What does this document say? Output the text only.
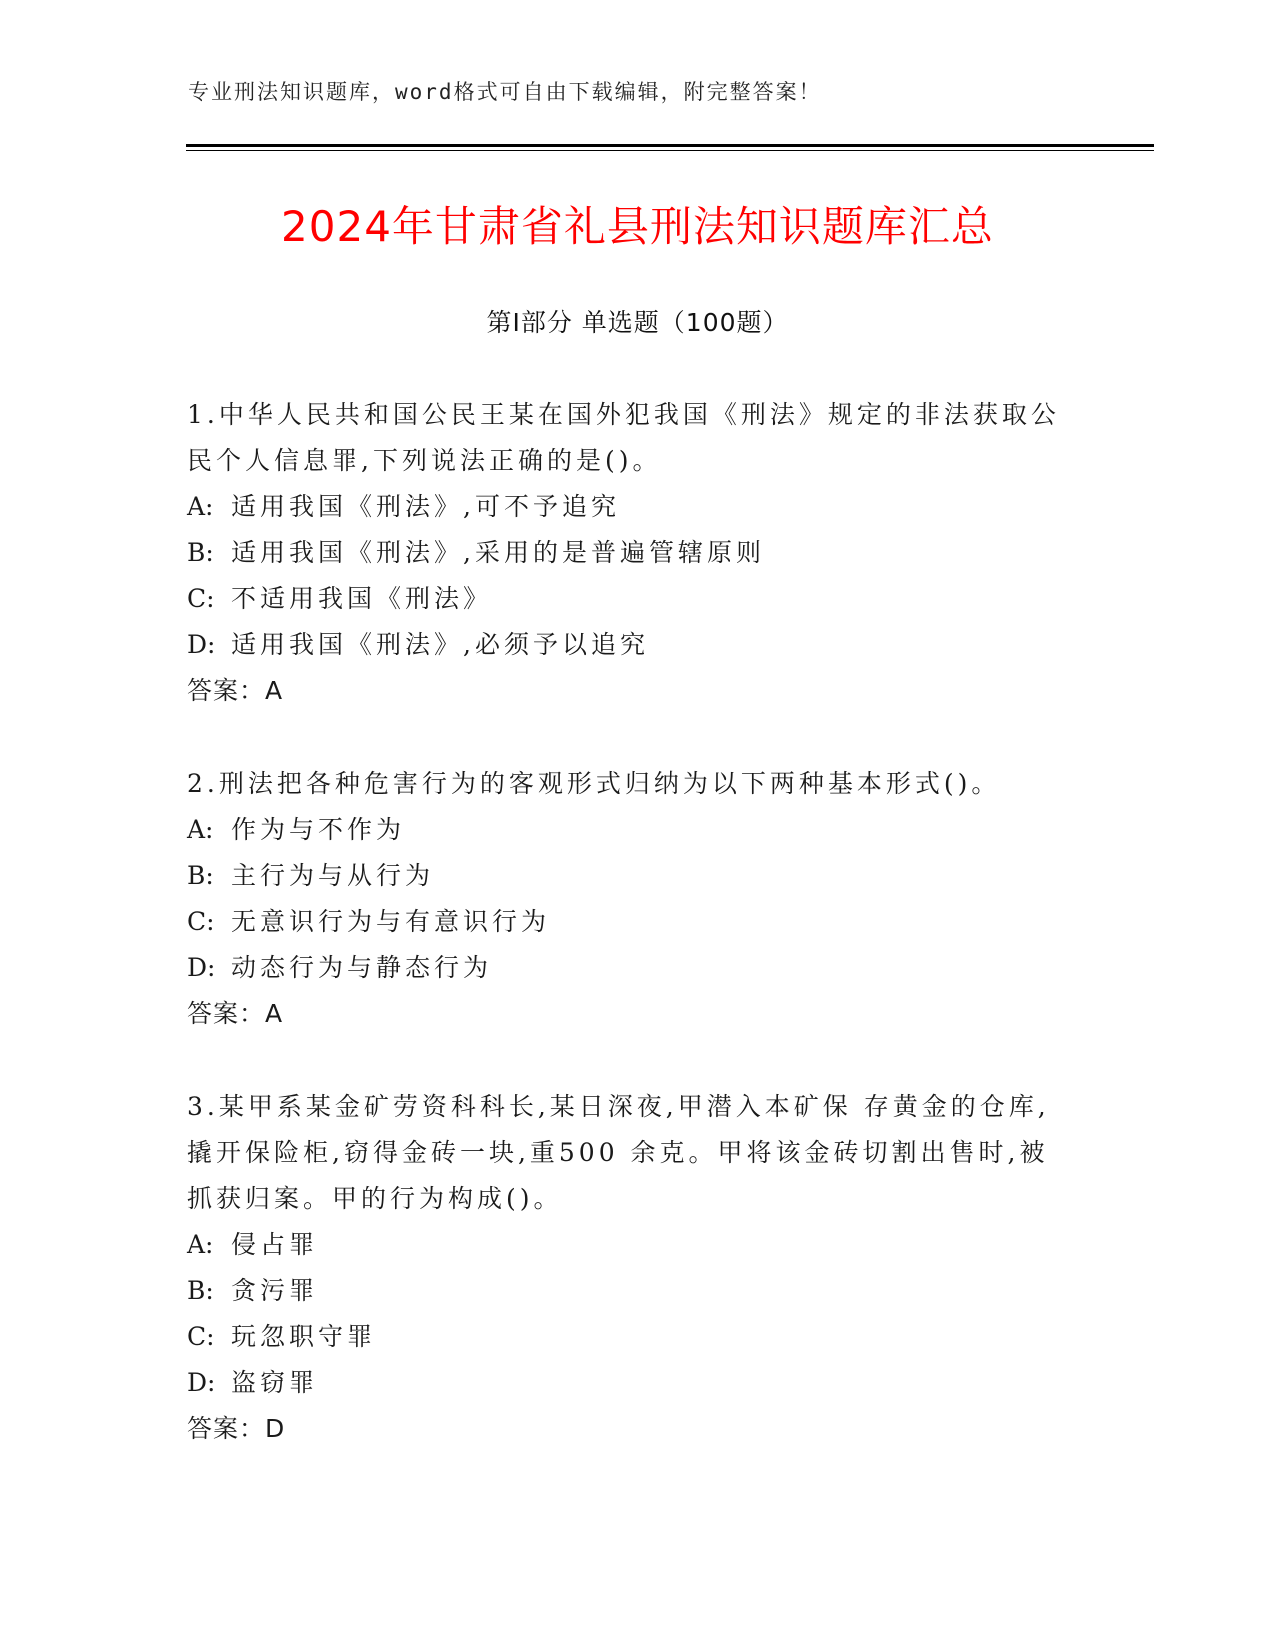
专业刑法知识题库，word格式可自由下载编辑，附完整答案！
2024年甘肃省礼县刑法知识题库汇总
第I部分 单选题（100题）

1.中华人民共和国公民王某在国外犯我国《刑法》规定的非法获取公民个人信息罪,下列说法正确的是()。

A: 适用我国《刑法》,可不予追究
B: 适用我国《刑法》,采用的是普遍管辖原则
C: 不适用我国《刑法》
D: 适用我国《刑法》,必须予以追究

答案：A

2.刑法把各种危害行为的客观形式归纳为以下两种基本形式()。

A: 作为与不作为
B: 主行为与从行为
C: 无意识行为与有意识行为
D: 动态行为与静态行为

答案：A

3.某甲系某金矿劳资科科长,某日深夜,甲潜入本矿保 存黄金的仓库,撬开保险柜,窃得金砖一块,重500 余克。甲将该金砖切割出售时,被抓获归案。甲的行为构成()。

A: 侵占罪
B: 贪污罪
C: 玩忽职守罪
D: 盗窃罪

答案：D
